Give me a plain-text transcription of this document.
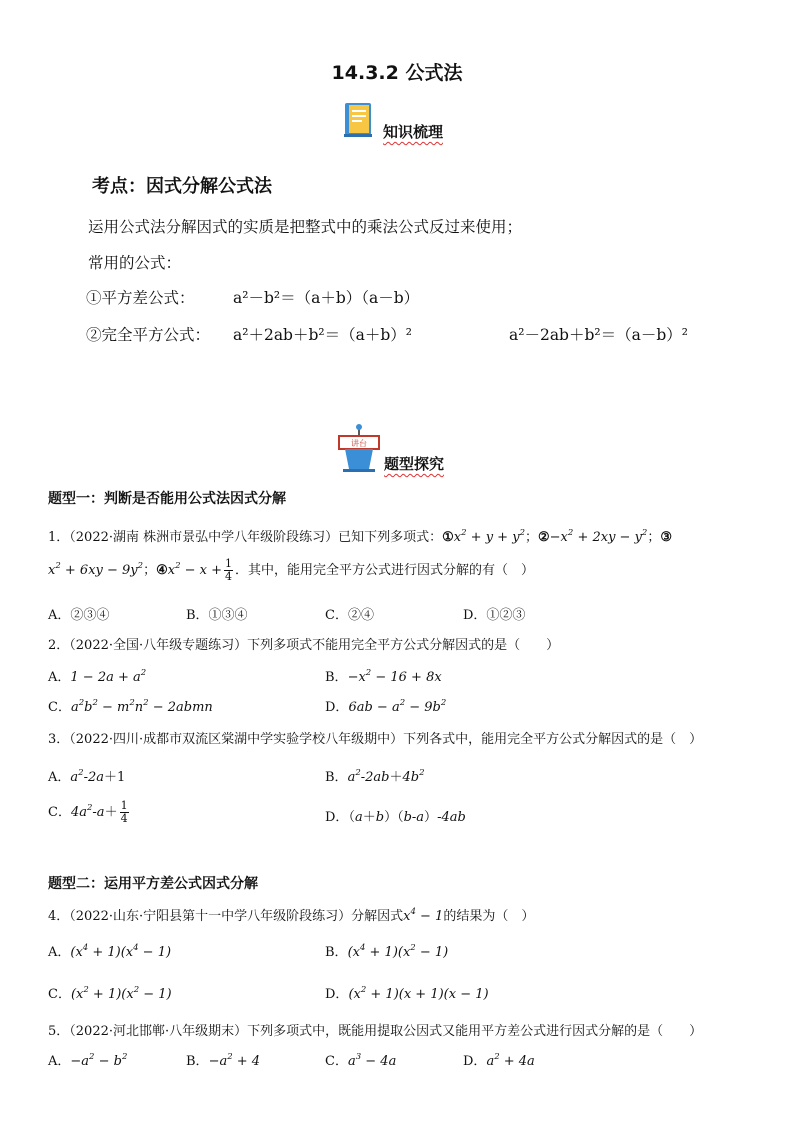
14.3.2 公式法
知识梳理
考点：因式分解公式法
运用公式法分解因式的实质是把整式中的乘法公式反过来使用；
常用的公式：
①平方差公式： a²－b²＝（a＋b）（a－b）
②完全平方公式： a²＋2ab＋b²＝（a＋b）²	a²－2ab＋b²＝（a－b）²
讲台
题型探究
题型一：判断是否能用公式法因式分解
1．（2022·湖南 株洲市景弘中学八年级阶段练习）已知下列多项式：$①x^2 + y + y^2$；$②-x^2 + 2xy - y^2$；③
$x^2 + 6xy - 9y^2$；$④x^2 - x + \frac{1}{4}$ ．其中，能用完全平方公式进行因式分解的有（　）
A．②③④	B．①③④	C．②④	D．①②③
2．（2022·全国·八年级专题练习）下列多项式不能用完全平方公式分解因式的是（　　）
A．$1 - 2a + a^2$	B．$-x^2 - 16 + 8x$
C．$a^2b^2 - m^2n^2$ − 2abmn	D．$6ab - a^2 - 9b^2$
3．（2022·四川·成都市双流区棠湖中学实验学校八年级期中）下列各式中，能用完全平方公式分解因式的是（　）
A．$a^2-2a+1$	B．$a^2-2ab+4b^2$
C．$4a^2-a+ \frac{1}{4}$	D．（a＋b）（b-a）-4ab
题型二：运用平方差公式因式分解
4．（2022·山东·宁阳县第十一中学八年级阶段练习）分解因式$x^4 - 1$的结果为（　）
A．$(x^4 + 1)(x^4 - 1)$	B．$(x^4 + 1)(x^2 - 1)$
C．$(x^2 + 1)(x^2 - 1)$	D．$(x^2 + 1)(x + 1)(x - 1)$
5．（2022·河北邯郸·八年级期末）下列多项式中，既能用提取公因式又能用平方差公式进行因式分解的是（　　）
A．$-a^2 - b^2$	B．$-a^2 + 4$	C．$a^3 - 4a$	D．$a^2 + 4a$
